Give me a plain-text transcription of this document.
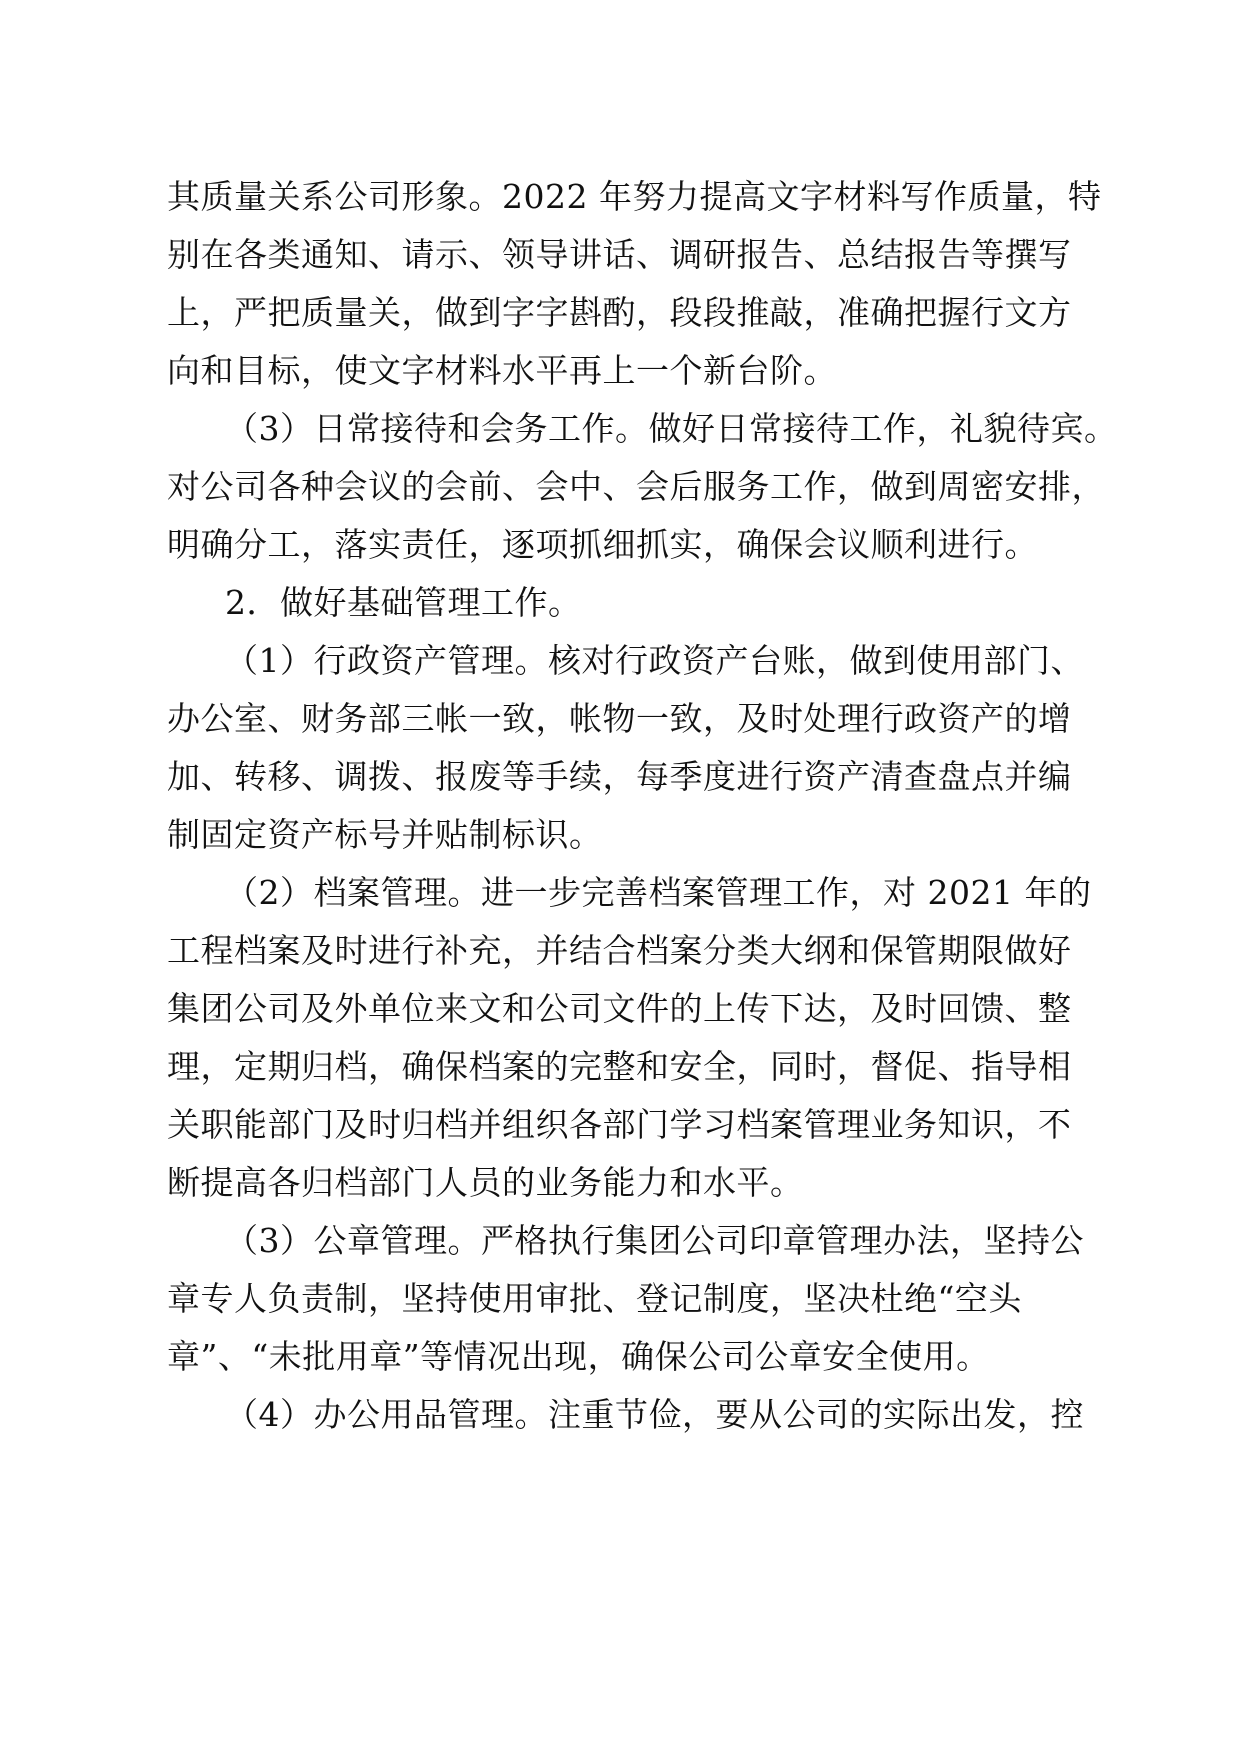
其质量关系公司形象。2022 年努力提高文字材料写作质量，特
别在各类通知、请示、领导讲话、调研报告、总结报告等撰写
上，严把质量关，做到字字斟酌，段段推敲，准确把握行文方
向和目标，使文字材料水平再上一个新台阶。
（3）日常接待和会务工作。做好日常接待工作，礼貌待宾。
对公司各种会议的会前、会中、会后服务工作，做到周密安排，
明确分工，落实责任，逐项抓细抓实，确保会议顺利进行。
2．做好基础管理工作。
（1）行政资产管理。核对行政资产台账，做到使用部门、
办公室、财务部三帐一致，帐物一致，及时处理行政资产的增
加、转移、调拨、报废等手续，每季度进行资产清查盘点并编
制固定资产标号并贴制标识。
（2）档案管理。进一步完善档案管理工作，对 2021 年的
工程档案及时进行补充，并结合档案分类大纲和保管期限做好
集团公司及外单位来文和公司文件的上传下达，及时回馈、整
理，定期归档，确保档案的完整和安全，同时，督促、指导相
关职能部门及时归档并组织各部门学习档案管理业务知识，不
断提高各归档部门人员的业务能力和水平。
（3）公章管理。严格执行集团公司印章管理办法，坚持公
章专人负责制，坚持使用审批、登记制度，坚决杜绝“空头
章”、“未批用章”等情况出现，确保公司公章安全使用。
（4）办公用品管理。注重节俭，要从公司的实际出发，控
